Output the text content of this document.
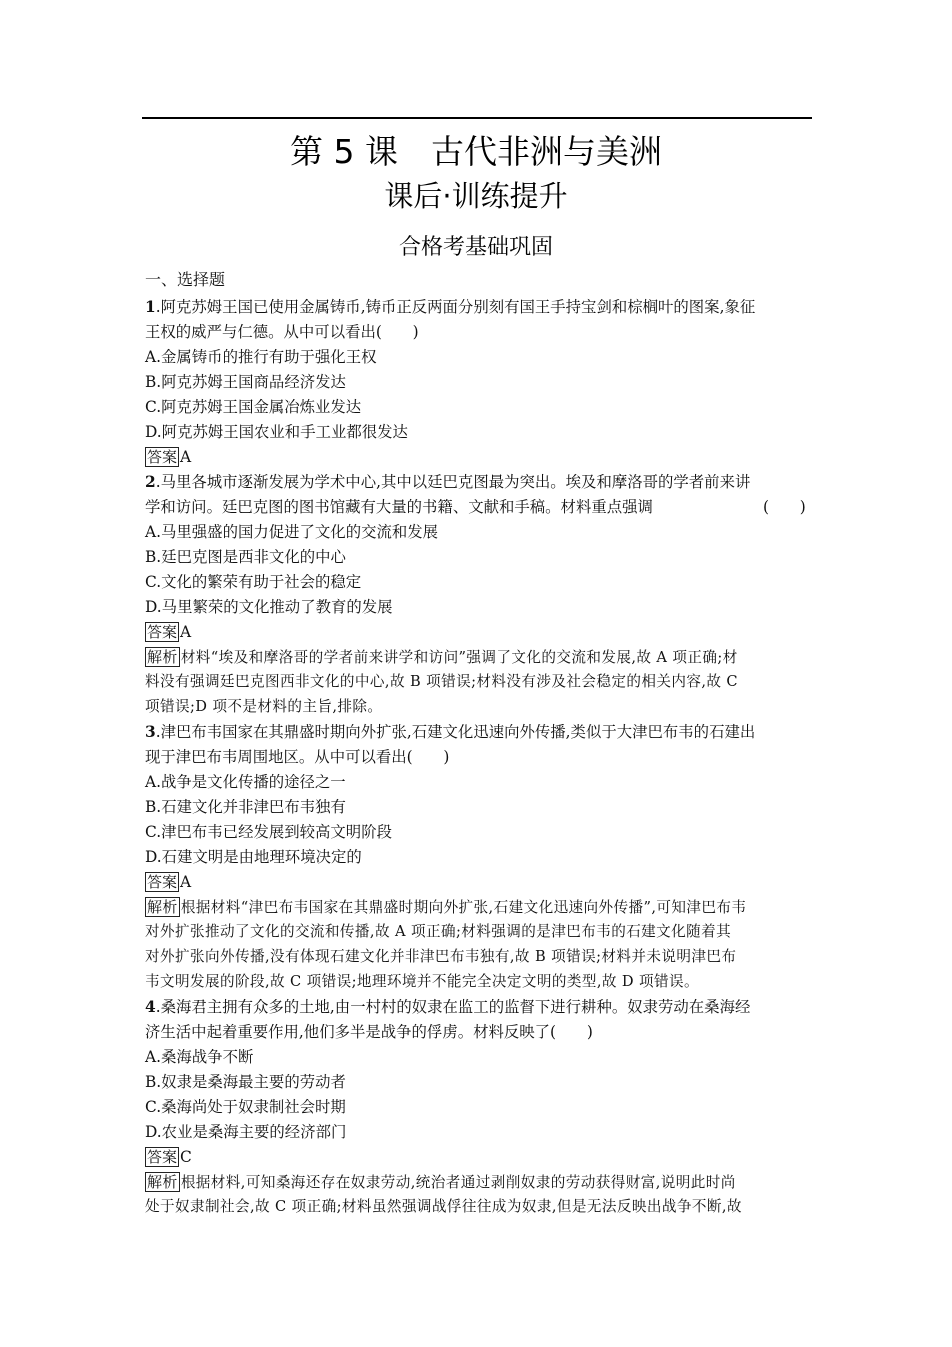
第 5 课　古代非洲与美洲
课后·训练提升
合格考基础巩固
一、选择题
1.阿克苏姆王国已使用金属铸币,铸币正反两面分别刻有国王手持宝剑和棕榈叶的图案,象征
王权的威严与仁德。从中可以看出(　　)
A.金属铸币的推行有助于强化王权
B.阿克苏姆王国商品经济发达
C.阿克苏姆王国金属冶炼业发达
D.阿克苏姆王国农业和手工业都很发达
答案 A
2.马里各城市逐渐发展为学术中心,其中以廷巴克图最为突出。埃及和摩洛哥的学者前来讲
学和访问。廷巴克图的图书馆藏有大量的书籍、文献和手稿。材料重点强调	(　　)
A.马里强盛的国力促进了文化的交流和发展
B.廷巴克图是西非文化的中心
C.文化的繁荣有助于社会的稳定
D.马里繁荣的文化推动了教育的发展
答案 A
解析 材料“埃及和摩洛哥的学者前来讲学和访问”强调了文化的交流和发展,故 A 项正确;材
料没有强调廷巴克图西非文化的中心,故 B 项错误;材料没有涉及社会稳定的相关内容,故 C
项错误;D 项不是材料的主旨,排除。
3.津巴布韦国家在其鼎盛时期向外扩张,石建文化迅速向外传播,类似于大津巴布韦的石建出
现于津巴布韦周围地区。从中可以看出(　　)
A.战争是文化传播的途径之一
B.石建文化并非津巴布韦独有
C.津巴布韦已经发展到较高文明阶段
D.石建文明是由地理环境决定的
答案 A
解析 根据材料“津巴布韦国家在其鼎盛时期向外扩张,石建文化迅速向外传播”,可知津巴布韦
对外扩张推动了文化的交流和传播,故 A 项正确;材料强调的是津巴布韦的石建文化随着其
对外扩张向外传播,没有体现石建文化并非津巴布韦独有,故 B 项错误;材料并未说明津巴布
韦文明发展的阶段,故 C 项错误;地理环境并不能完全决定文明的类型,故 D 项错误。
4.桑海君主拥有众多的土地,由一村村的奴隶在监工的监督下进行耕种。奴隶劳动在桑海经
济生活中起着重要作用,他们多半是战争的俘虏。材料反映了(　　)
A.桑海战争不断
B.奴隶是桑海最主要的劳动者
C.桑海尚处于奴隶制社会时期
D.农业是桑海主要的经济部门
答案 C
解析 根据材料,可知桑海还存在奴隶劳动,统治者通过剥削奴隶的劳动获得财富,说明此时尚
处于奴隶制社会,故 C 项正确;材料虽然强调战俘往往成为奴隶,但是无法反映出战争不断,故
